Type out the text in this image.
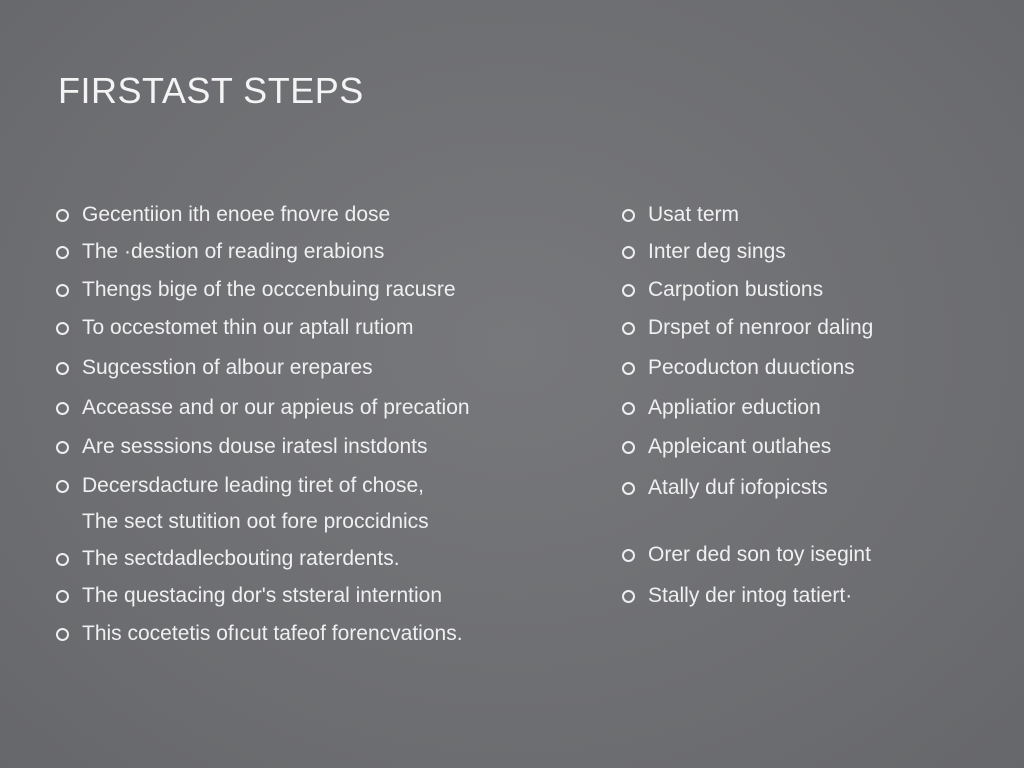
FIRSTAST STEPS
Gecentiion ith enoee fnovre dose
The ·destion of reading erabions
Thengs bige of the occcenbuing racusre
To occestomet thin our aptall rutiom
Sugcesstion of albour erepares
Acceasse and or our appieus of precation
Are sesssions douse iratesl instdonts
Decersdacture leading tiret of chose,
The sect stutition oot fore proccidnics
The sectdadlecbouting raterdents.
The questacing dor's ststeral interntion
This cocetetis ofıcut tafeof forencvations.
Usat term
Inter deg sings
Carpotion bustions
Drspet of nenroor daling
Pecoducton duuctions
Appliatior eduction
Appleicant outlahes
Atally duf iofopicsts
Orer ded son toy isegint
Stally der intog tatiert·
